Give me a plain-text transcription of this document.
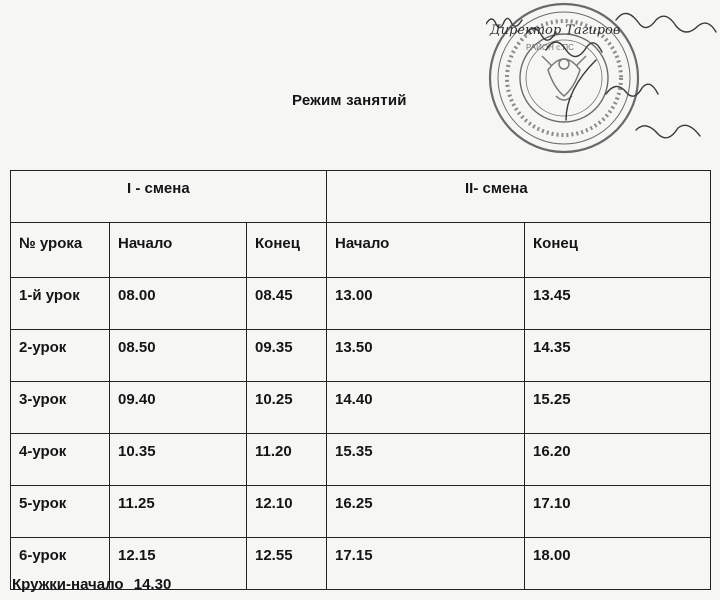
РАЙОН с.ПС
Директор Тагиров
Режим занятий
I - смена			II- смена	
№ урока	Начало	Конец	Начало	Конец
1-й урок	08.00	08.45	13.00	13.45
2-урок	08.50	09.35	13.50	14.35
3-урок	09.40	10.25	14.40	15.25
4-урок	10.35	11.20	15.35	16.20
5-урок	11.25	12.10	16.25	17.10
6-урок	12.15	12.55	17.15	18.00
Кружки-начало 14.30
